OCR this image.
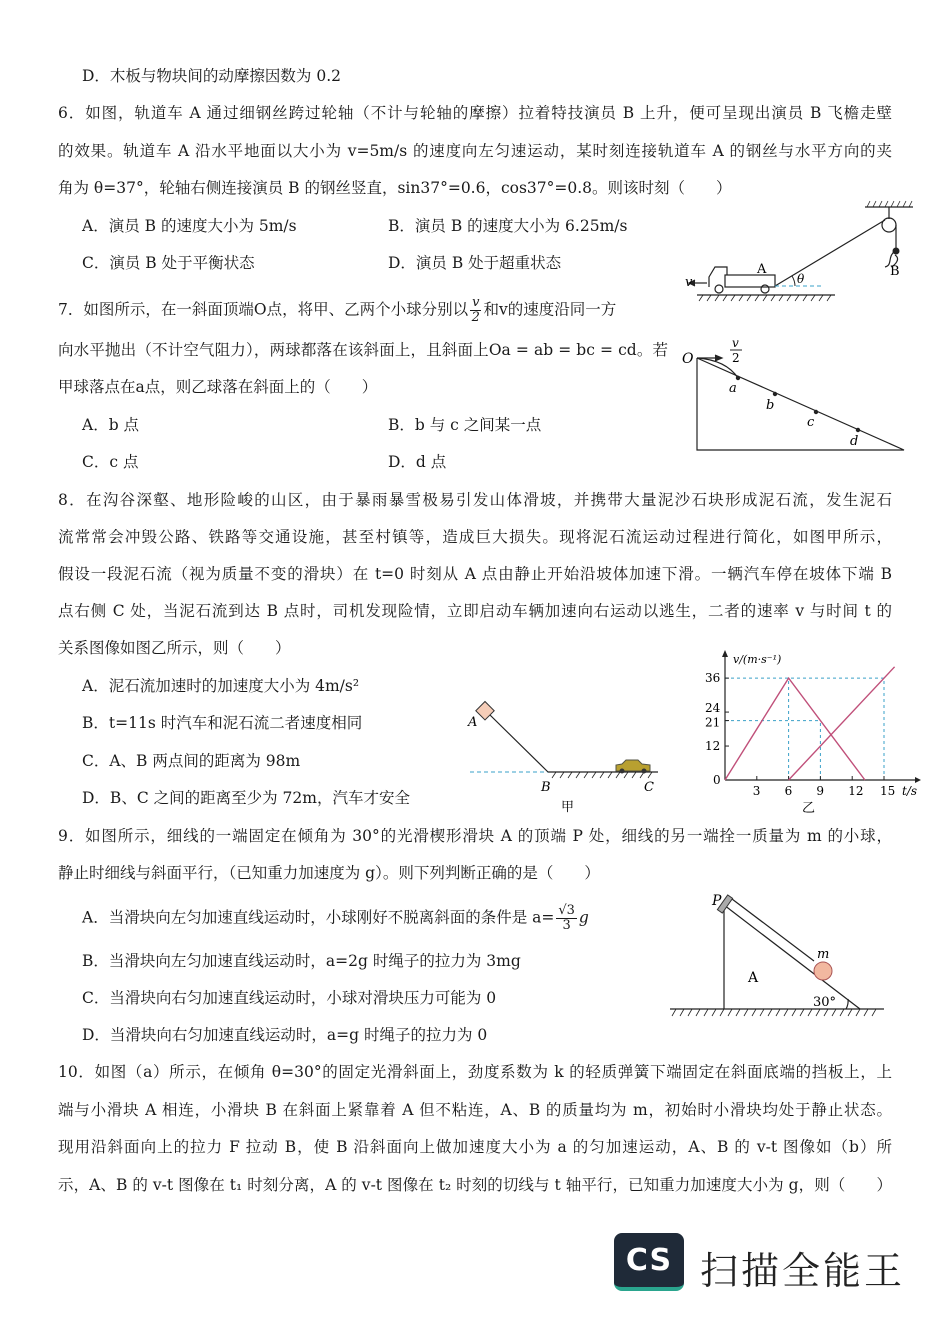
D．木板与物块间的动摩擦因数为 0.2
6．如图，轨道车 A 通过细钢丝跨过轮轴（不计与轮轴的摩擦）拉着特技演员 B 上升，便可呈现出演员 B 飞檐走壁
的效果。轨道车 A 沿水平地面以大小为 v=5m/s 的速度向左匀速运动，某时刻连接轨道车 A 的钢丝与水平方向的夹
角为 θ=37°，轮轴右侧连接演员 B 的钢丝竖直，sin37°=0.6，cos37°=0.8。则该时刻（　　）
A．演员 B 的速度大小为 5m/s	B．演员 B 的速度大小为 6.25m/s
C．演员 B 处于平衡状态	D．演员 B 处于超重状态
v
A
θ	B
7．如图所示，在一斜面顶端O点，将甲、乙两个小球分别以 $\frac{v}{2}$ 和v的速度沿同一方
向水平抛出（不计空气阻力），两球都落在该斜面上，且斜面上Oa = ab = bc = cd。若
甲球落点在a点，则乙球落在斜面上的（　　）
A．b 点	B．b 与 c 之间某一点
C．c 点	D．d 点
O
v
2
a
b
c
d
8．在沟谷深壑、地形险峻的山区，由于暴雨暴雪极易引发山体滑坡，并携带大量泥沙石块形成泥石流，发生泥石
流常常会冲毁公路、铁路等交通设施，甚至村镇等，造成巨大损失。现将泥石流运动过程进行简化，如图甲所示，
假设一段泥石流（视为质量不变的滑块）在 t=0 时刻从 A 点由静止开始沿坡体加速下滑。一辆汽车停在坡体下端 B
点右侧 C 处，当泥石流到达 B 点时，司机发现险情，立即启动车辆加速向右运动以逃生，二者的速率 v 与时间 t 的
关系图像如图乙所示，则（　　）
A．泥石流加速时的加速度大小为 4m/s²
B．t=11s 时汽车和泥石流二者速度相同
C．A、B 两点间的距离为 98m
D．B、C 之间的距离至少为 72m，汽车才安全
A
B	C
甲
3 6 9 12 15
0
12
21
24
36
v/(m·s⁻¹)
t/s
乙
9．如图所示，细线的一端固定在倾角为 30°的光滑楔形滑块 A 的顶端 P 处，细线的另一端拴一质量为 m 的小球，
静止时细线与斜面平行，（已知重力加速度为 g）。则下列判断正确的是（　　）
A．当滑块向左匀加速直线运动时，小球刚好不脱离斜面的条件是 $a= \frac{√3}{3}$ g
B．当滑块向左匀加速直线运动时，a=2g 时绳子的拉力为 3mg
C．当滑块向右匀加速直线运动时，小球对滑块压力可能为 0
D．当滑块向右匀加速直线运动时，a=g 时绳子的拉力为 0
P
m
A
30°
10．如图（a）所示，在倾角 θ=30°的固定光滑斜面上，劲度系数为 k 的轻质弹簧下端固定在斜面底端的挡板上，上
端与小滑块 A 相连，小滑块 B 在斜面上紧靠着 A 但不粘连，A、B 的质量均为 m，初始时小滑块均处于静止状态。
现用沿斜面向上的拉力 F 拉动 B，使 B 沿斜面向上做加速度大小为 a 的匀加速运动，A、B 的 v-t 图像如（b）所
示，A、B 的 v-t 图像在 t₁ 时刻分离，A 的 v-t 图像在 t₂ 时刻的切线与 t 轴平行，已知重力加速度大小为 g，则（　　）
CS 扫描全能王
